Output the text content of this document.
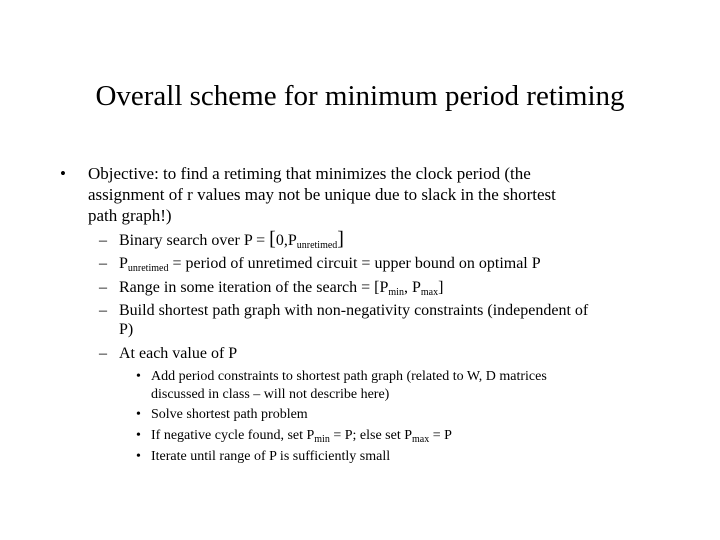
Overall scheme for minimum period retiming
• Objective: to find a retiming that minimizes the clock period (the
assignment of r values may not be unique due to slack in the shortest
path graph!)
– Binary search over $P = [0,P_{unretimed}]$
– $P_{unretimed}$ = period of unretimed circuit = upper bound on optimal P
– Range in some iteration of the search = [$P_{min}$, $P_{max}$]
– Build shortest path graph with non-negativity constraints (independent of
P)
– At each value of P
• Add period constraints to shortest path graph (related to W, D matrices
discussed in class – will not describe here)
• Solve shortest path problem
• If negative cycle found, set $P_{min} = P$; else set $P_{max} = P$
• Iterate until range of P is sufficiently small
